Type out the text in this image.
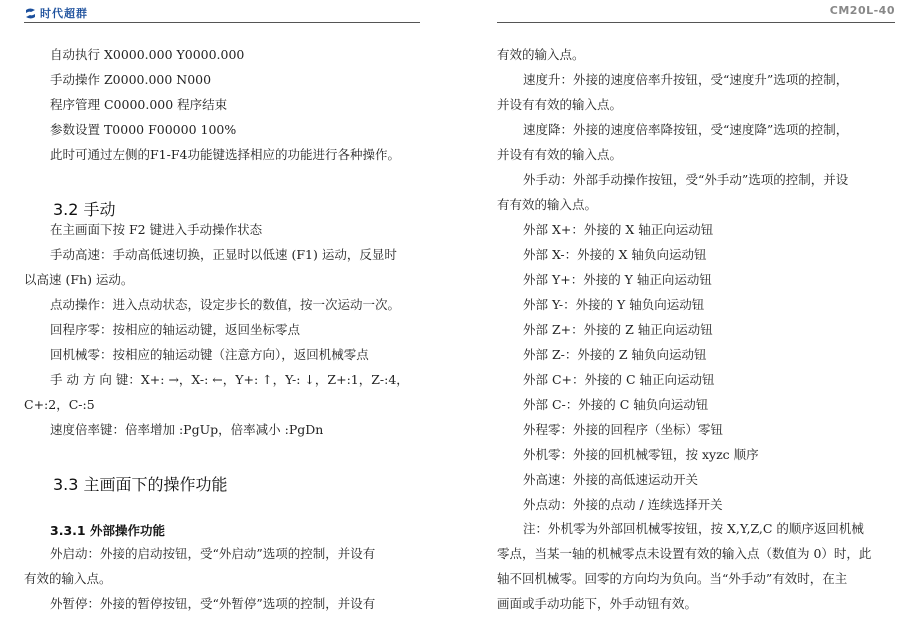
时代超群	CM20L-40
自动执行 X0000.000 Y0000.000
手动操作 Z0000.000 N000
程序管理 C0000.000 程序结束
参数设置 T0000 F00000 100%
此时可通过左侧的F1-F4功能键选择相应的功能进行各种操作。
3.2 手动
在主画面下按 F2 键进入手动操作状态
手动高速：手动高低速切换，正显时以低速 (F1) 运动，反显时
以高速 (Fh) 运动。
点动操作：进入点动状态，设定步长的数值，按一次运动一次。
回程序零：按相应的轴运动键，返回坐标零点
回机械零：按相应的轴运动键（注意方向），返回机械零点
手 动 方 向 键：X+: →，X-: ←，Y+: ↑，Y-: ↓，Z+:1，Z-:4，
C+:2，C-:5
速度倍率键：倍率增加 :PgUp，倍率减小 :PgDn
3.3 主画面下的操作功能
3.3.1 外部操作功能
外启动：外接的启动按钮，受“外启动”选项的控制，并设有
有效的输入点。
外暂停：外接的暂停按钮，受“外暂停”选项的控制，并设有
有效的输入点。
速度升：外接的速度倍率升按钮，受“速度升”选项的控制，
并设有有效的输入点。
速度降：外接的速度倍率降按钮，受“速度降”选项的控制，
并设有有效的输入点。
外手动：外部手动操作按钮，受“外手动”选项的控制，并设
有有效的输入点。
外部 X+：外接的 X 轴正向运动钮
外部 X-：外接的 X 轴负向运动钮
外部 Y+：外接的 Y 轴正向运动钮
外部 Y-：外接的 Y 轴负向运动钮
外部 Z+：外接的 Z 轴正向运动钮
外部 Z-：外接的 Z 轴负向运动钮
外部 C+：外接的 C 轴正向运动钮
外部 C-：外接的 C 轴负向运动钮
外程零：外接的回程序（坐标）零钮
外机零：外接的回机械零钮，按 xyzc 顺序
外高速：外接的高低速运动开关
外点动：外接的点动 / 连续选择开关
注：外机零为外部回机械零按钮，按 X,Y,Z,C 的顺序返回机械
零点，当某一轴的机械零点未设置有效的输入点（数值为 0）时，此
轴不回机械零。回零的方向均为负向。当“外手动”有效时，在主
画面或手动功能下，外手动钮有效。
